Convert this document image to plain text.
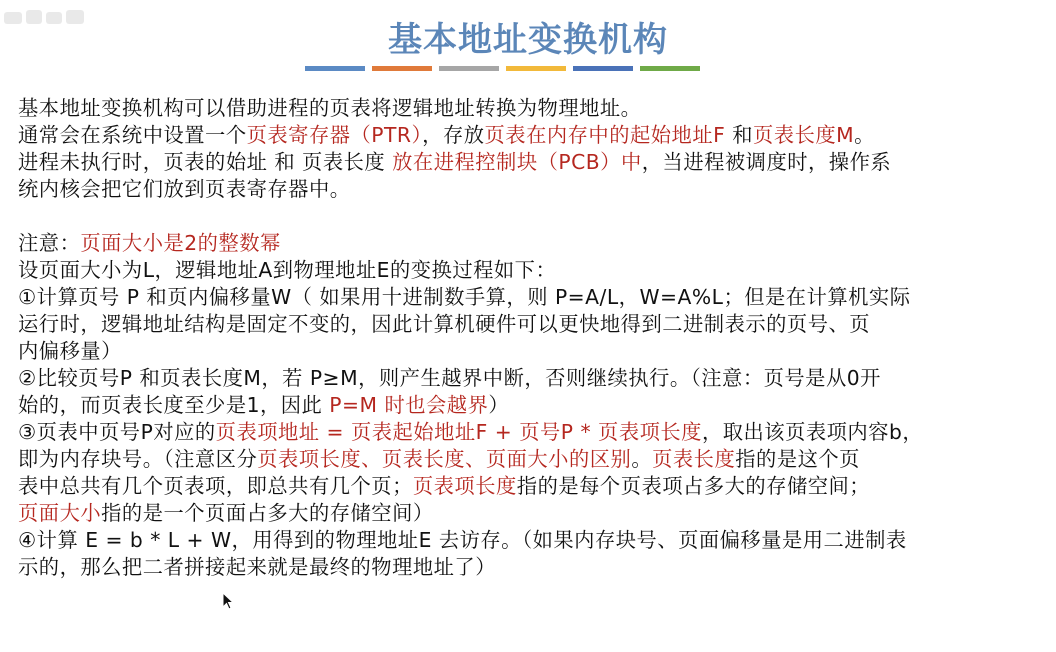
基本地址变换机构
基本地址变换机构可以借助进程的页表将逻辑地址转换为物理地址。
通常会在系统中设置一个页表寄存器（PTR），存放页表在内存中的起始地址F 和页表长度M。
进程未执行时，页表的始址 和 页表长度 放在进程控制块（PCB）中，当进程被调度时，操作系
统内核会把它们放到页表寄存器中。
注意：页面大小是2的整数幂
设页面大小为L，逻辑地址A到物理地址E的变换过程如下：
①计算页号 P 和页内偏移量W（ 如果用十进制数手算，则 P=A/L，W=A%L；但是在计算机实际
运行时，逻辑地址结构是固定不变的，因此计算机硬件可以更快地得到二进制表示的页号、页
内偏移量）
②比较页号P 和页表长度M，若 P≥M，则产生越界中断，否则继续执行。（注意：页号是从0开
始的，而页表长度至少是1，因此 P=M 时也会越界）
③页表中页号P对应的页表项地址 = 页表起始地址F + 页号P * 页表项长度，取出该页表项内容b，
即为内存块号。（注意区分页表项长度、页表长度、页面大小的区别。页表长度指的是这个页
表中总共有几个页表项，即总共有几个页；页表项长度指的是每个页表项占多大的存储空间；
页面大小指的是一个页面占多大的存储空间）
④计算 E = b * L + W，用得到的物理地址E 去访存。（如果内存块号、页面偏移量是用二进制表
示的，那么把二者拼接起来就是最终的物理地址了）
